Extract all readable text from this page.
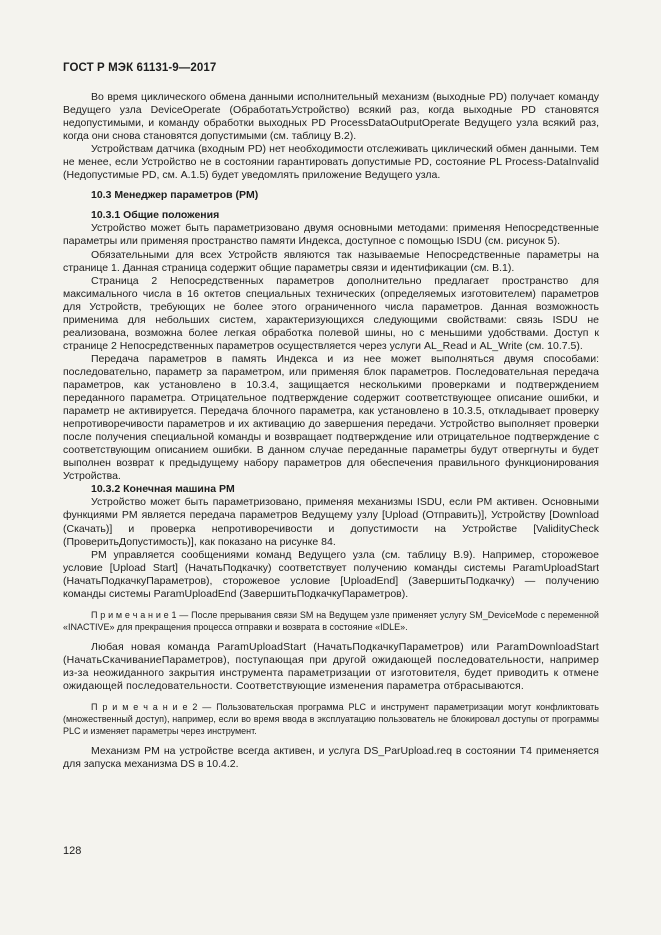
ГОСТ Р МЭК 61131-9—2017

Во время циклического обмена данными исполнительный механизм (выходные PD) получает команду Ведущего узла DeviceOperate (ОбработатьУстройство) всякий раз, когда выходные PD становятся недопустимыми, и команду обработки выходных PD ProcessDataOutputOperate Ведущего узла всякий раз, когда они снова становятся допустимыми (см. таблицу В.2).

Устройствам датчика (входным PD) нет необходимости отслеживать циклический обмен данными. Тем не менее, если Устройство не в состоянии гарантировать допустимые PD, состояние PL Process-DataInvalid (Недопустимые PD, см. А.1.5) будет уведомлять приложение Ведущего узла.

10.3 Менеджер параметров (PM)

10.3.1 Общие положения

Устройство может быть параметризовано двумя основными методами: применяя Непосредственные параметры или применяя пространство памяти Индекса, доступное с помощью ISDU (см. рисунок 5).

Обязательными для всех Устройств являются так называемые Непосредственные параметры на странице 1. Данная страница содержит общие параметры связи и идентификации (см. В.1).

Страница 2 Непосредственных параметров дополнительно предлагает пространство для максимального числа в 16 октетов специальных технических (определяемых изготовителем) параметров для Устройств, требующих не более этого ограниченного числа параметров. Данная возможность применима для небольших систем, характеризующихся следующими свойствами: связь ISDU не реализована, возможна более легкая обработка полевой шины, но с меньшими удобствами. Доступ к странице 2 Непосредственных параметров осуществляется через услуги AL_Read и AL_Write (см. 10.7.5).

Передача параметров в память Индекса и из нее может выполняться двумя способами: последовательно, параметр за параметром, или применяя блок параметров. Последовательная передача параметров, как установлено в 10.3.4, защищается несколькими проверками и подтверждением переданного параметра. Отрицательное подтверждение содержит соответствующее описание ошибки, и параметр не активируется. Передача блочного параметра, как установлено в 10.3.5, откладывает проверку непротиворечивости параметров и их активацию до завершения передачи. Устройство выполняет проверки после получения специальной команды и возвращает подтверждение или отрицательное подтверждение с соответствующим описанием ошибки. В данном случае переданные параметры будут отвергнуты и будет выполнен возврат к предыдущему набору параметров для обеспечения правильного функционирования Устройства.

10.3.2 Конечная машина PM

Устройство может быть параметризовано, применяя механизмы ISDU, если PM активен. Основными функциями PM является передача параметров Ведущему узлу [Upload (Отправить)], Устройству [Download (Скачать)] и проверка непротиворечивости и допустимости на Устройстве [ValidityCheck (ПроверитьДопустимость)], как показано на рисунке 84.

PM управляется сообщениями команд Ведущего узла (см. таблицу В.9). Например, сторожевое условие [Upload Start] (НачатьПодкачку) соответствует получению команды системы ParamUploadStart (НачатьПодкачкуПараметров), сторожевое условие [UploadEnd] (ЗавершитьПодкачку) — получению команды системы ParamUploadEnd (ЗавершитьПодкачкуПараметров).

П р и м е ч а н и е 1 — После прерывания связи SM на Ведущем узле применяет услугу SM_DeviceMode с переменной «INACTIVE» для прекращения процесса отправки и возврата в состояние «IDLE».

Любая новая команда ParamUploadStart (НачатьПодкачкуПараметров) или ParamDownloadStart (НачатьСкачиваниеПараметров), поступающая при другой ожидающей последовательности, например из-за неожиданного закрытия инструмента параметризации от изготовителя, будет приводить к отмене ожидающей последовательности. Соответствующие изменения параметра отбрасываются.

П р и м е ч а н и е 2 — Пользовательская программа PLC и инструмент параметризации могут конфликтовать (множественный доступ), например, если во время ввода в эксплуатацию пользователь не блокировал доступы от программы PLC и изменяет параметры через инструмент.

Механизм PM на устройстве всегда активен, и услуга DS_ParUpload.req в состоянии T4 применяется для запуска механизма DS в 10.4.2.

128
